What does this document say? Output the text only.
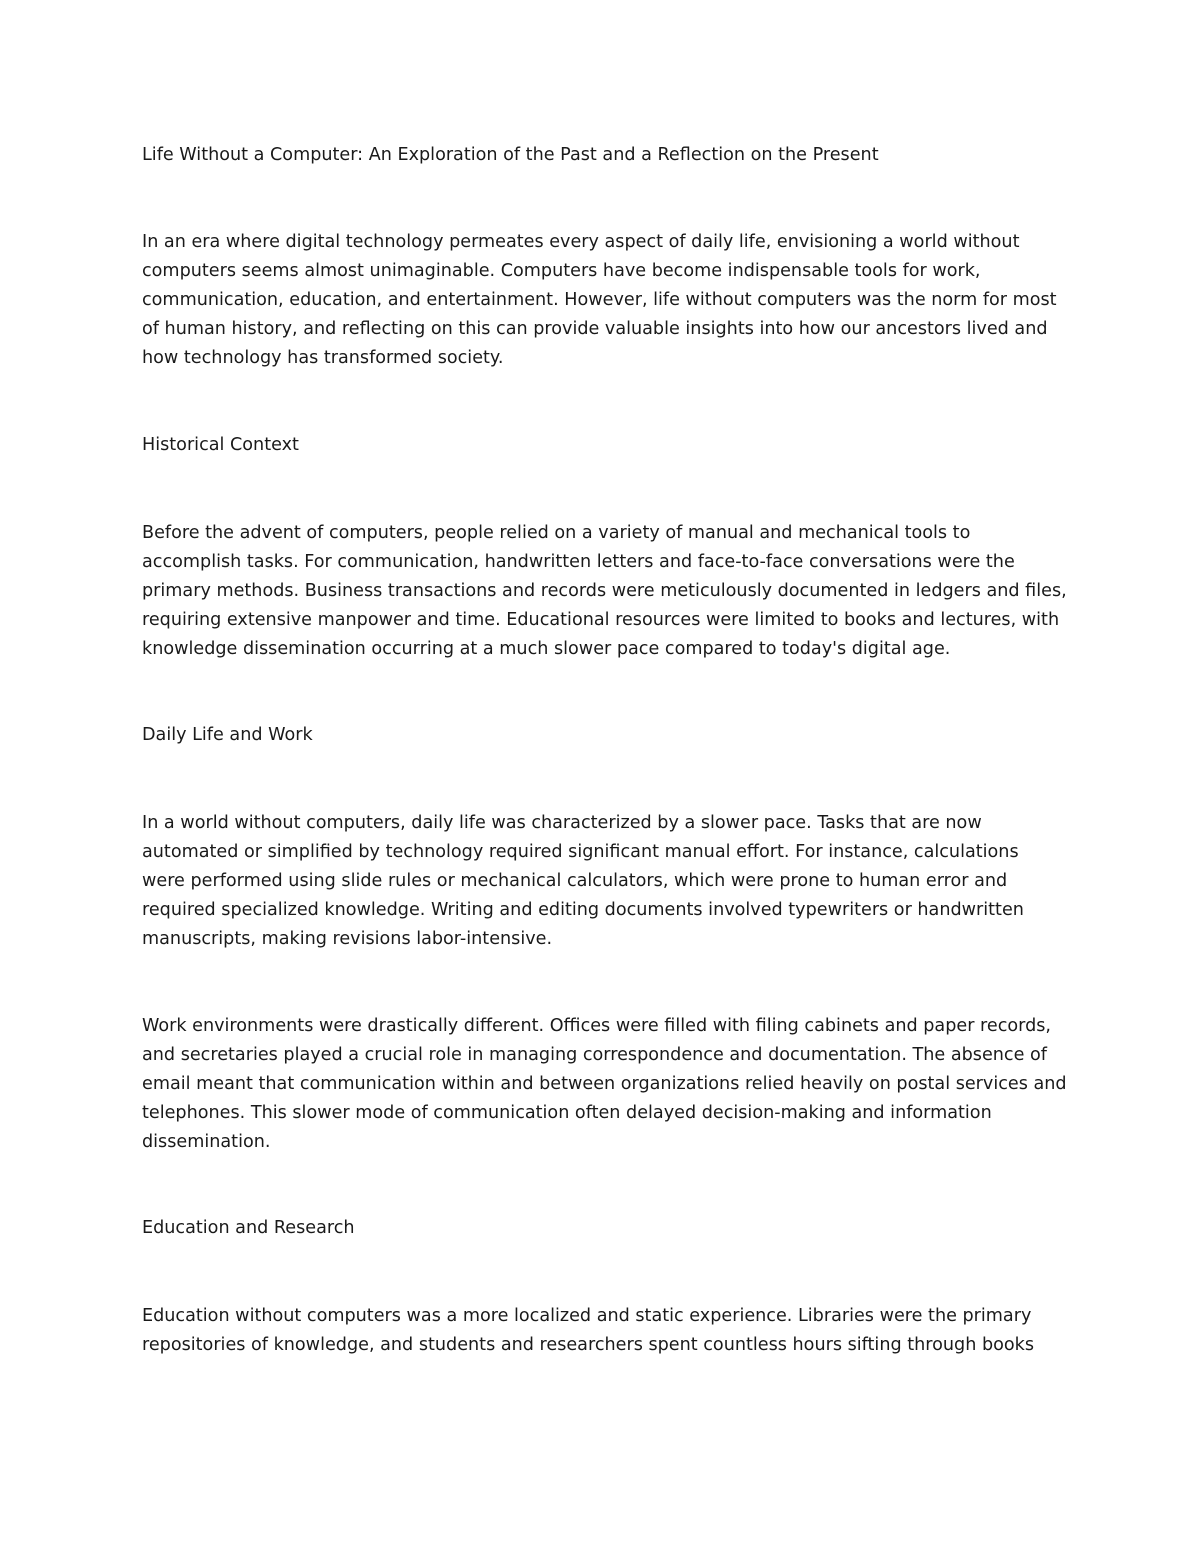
Life Without a Computer: An Exploration of the Past and a Reflection on the Present

In an era where digital technology permeates every aspect of daily life, envisioning a world without
computers seems almost unimaginable. Computers have become indispensable tools for work,
communication, education, and entertainment. However, life without computers was the norm for most
of human history, and reflecting on this can provide valuable insights into how our ancestors lived and
how technology has transformed society.

Historical Context

Before the advent of computers, people relied on a variety of manual and mechanical tools to
accomplish tasks. For communication, handwritten letters and face-to-face conversations were the
primary methods. Business transactions and records were meticulously documented in ledgers and files,
requiring extensive manpower and time. Educational resources were limited to books and lectures, with
knowledge dissemination occurring at a much slower pace compared to today's digital age.

Daily Life and Work

In a world without computers, daily life was characterized by a slower pace. Tasks that are now
automated or simplified by technology required significant manual effort. For instance, calculations
were performed using slide rules or mechanical calculators, which were prone to human error and
required specialized knowledge. Writing and editing documents involved typewriters or handwritten
manuscripts, making revisions labor-intensive.

Work environments were drastically different. Offices were filled with filing cabinets and paper records,
and secretaries played a crucial role in managing correspondence and documentation. The absence of
email meant that communication within and between organizations relied heavily on postal services and
telephones. This slower mode of communication often delayed decision-making and information
dissemination.

Education and Research

Education without computers was a more localized and static experience. Libraries were the primary
repositories of knowledge, and students and researchers spent countless hours sifting through books
